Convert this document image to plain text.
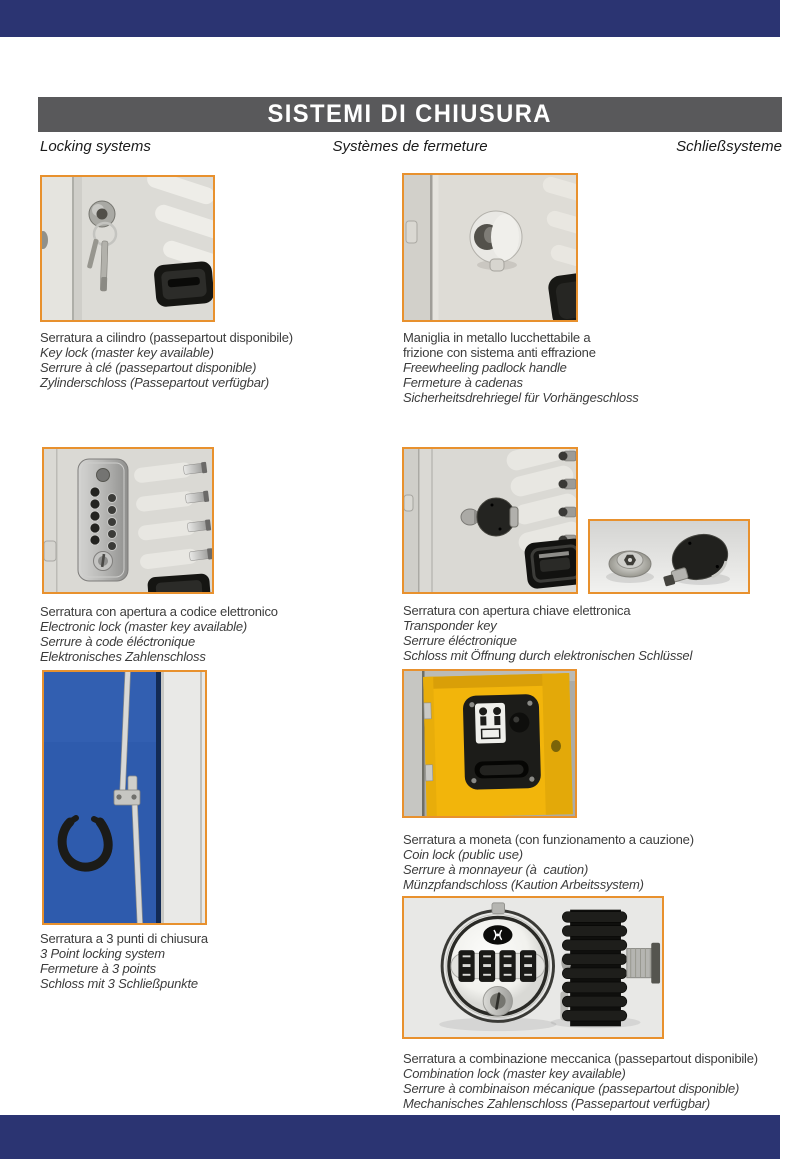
SISTEMI DI CHIUSURA
Locking systems	Systèmes de fermeture	Schließsysteme
Serratura a cilindro (passepartout disponibile)
Key lock (master key available)
Serrure à clé (passepartout disponible)
Zylinderschloss (Passepartout verfügbar)
Maniglia in metallo lucchettabile a
frizione con sistema anti effrazione
Freewheeling padlock handle
Fermeture à cadenas
Sicherheitsdrehriegel für Vorhängeschloss
Serratura con apertura a codice elettronico
Electronic lock (master key available)
Serrure à code éléctronique
Elektronisches Zahlenschloss
Serratura con apertura chiave elettronica
Transponder key
Serrure éléctronique
Schloss mit Öffnung durch elektronischen Schlüssel
Serratura a moneta (con funzionamento a cauzione)
Coin lock (public use)
Serrure à monnayeur (à  caution)
Münzpfandschloss (Kaution Arbeitssystem)
Serratura a 3 punti di chiusura
3 Point locking system
Fermeture à 3 points
Schloss mit 3 Schließpunkte
Serratura a combinazione meccanica (passepartout disponibile)
Combination lock (master key available)
Serrure à combinaison mécanique (passepartout disponible)
Mechanisches Zahlenschloss (Passepartout verfügbar)
